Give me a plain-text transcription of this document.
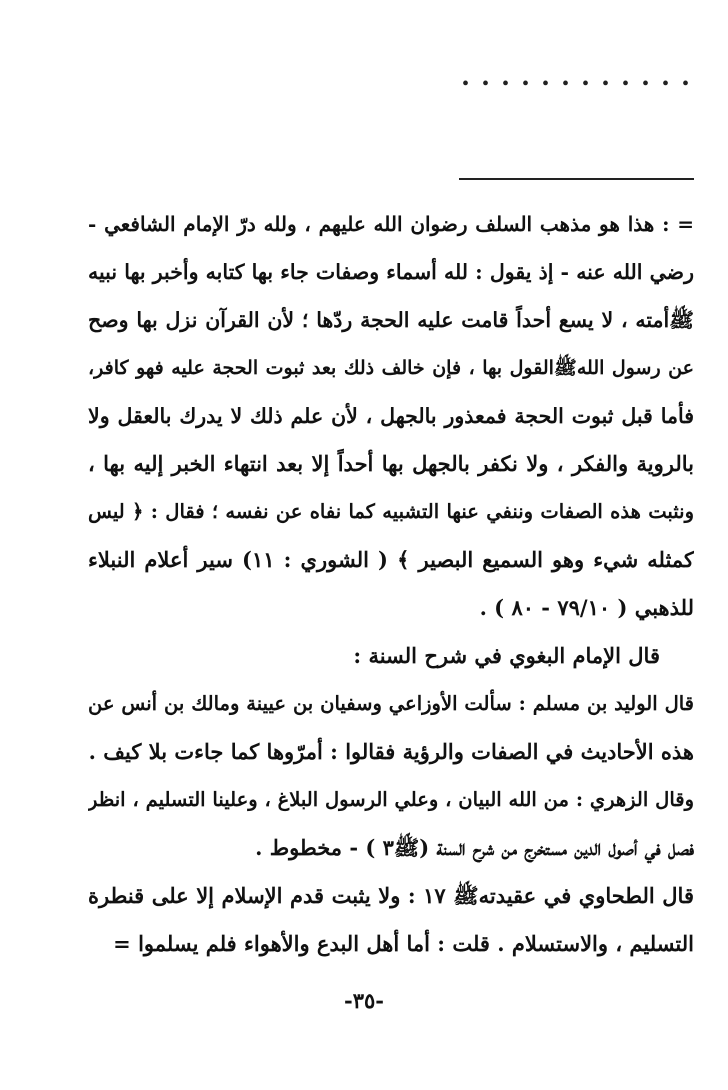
• • • • • • • • • • • •
= : هذا هو مذهب السلف رضوان الله عليهم ، ولله درّ الإمام الشافعي -
رضي الله عنه - إذ يقول : لله أسماء وصفات جاء بها كتابه وأخبر بها نبيه
ﷺأمته ، لا يسع أحداً قامت عليه الحجة ردّها ؛ لأن القرآن نزل بها وصح
عن رسول اللهﷺالقول بها ، فإن خالف ذلك بعد ثبوت الحجة عليه فهو كافر،
فأما قبل ثبوت الحجة فمعذور بالجهل ، لأن علم ذلك لا يدرك بالعقل ولا
بالروية والفكر ، ولا نكفر بالجهل بها أحداً إلا بعد انتهاء الخبر إليه بها ،
ونثبت هذه الصفات وننفي عنها التشبيه كما نفاه عن نفسه ؛ فقال : ﴿ ليس
كمثله شيء وهو السميع البصير ﴾ ( الشوري : ١١) سير أعلام النبلاء
للذهبي ( ٧٩/١٠ - ٨٠ ) .
قال الإمام البغوي في شرح السنة :
قال الوليد بن مسلم : سألت الأوزاعي وسفيان بن عيينة ومالك بن أنس عن
هذه الأحاديث في الصفات والرؤية فقالوا : أمرّوها كما جاءت بلا كيف .
وقال الزهري : من الله البيان ، وعلي الرسول البلاغ ، وعلينا التسليم ، انظر
فصل في أصول الدين مستخرج من شرح السنة (ﷺ٣ ) - مخطوط .
قال الطحاوي في عقيدتهﷺ ١٧ : ولا يثبت قدم الإسلام إلا على قنطرة
التسليم ، والاستسلام . قلت : أما أهل البدع والأهواء فلم يسلموا =
-٣٥-
